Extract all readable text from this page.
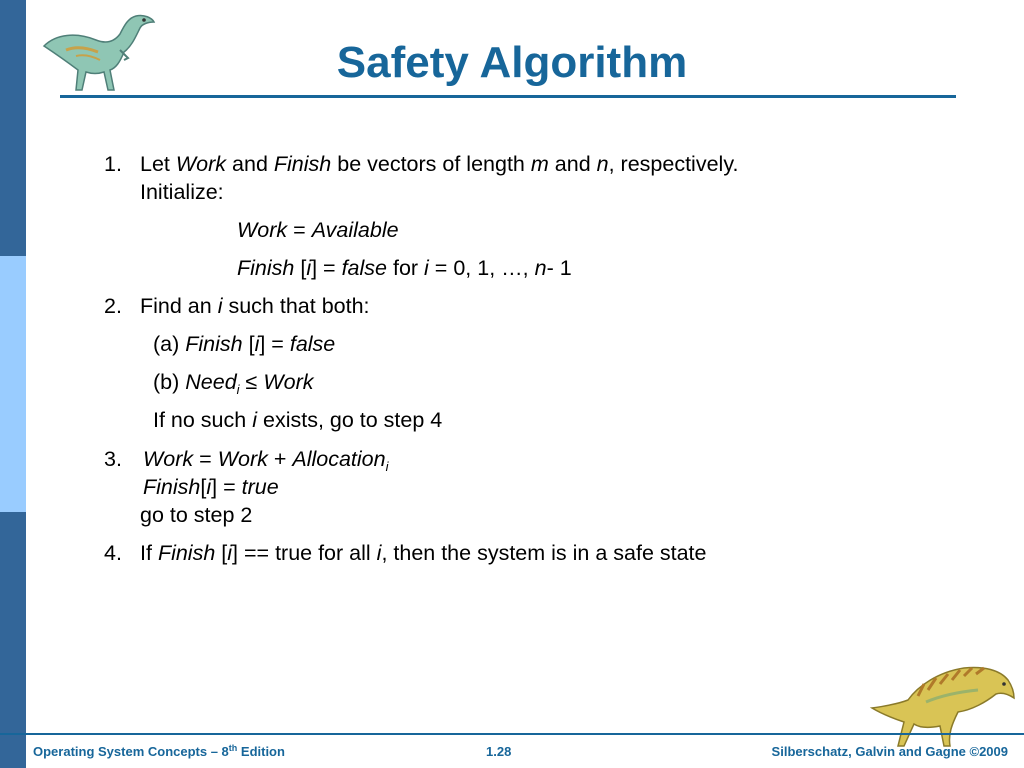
Safety Algorithm
1. Let Work and Finish be vectors of length m and n, respectively.
Initialize:
Work = Available
Finish [i] = false for i = 0, 1, …, n- 1
2. Find an i such that both:
(a) Finish [i] = false
(b) Need$_i$ ≤ Work
If no such i exists, go to step 4
3. Work = Work + Allocation$_i$
Finish[i] = true
go to step 2
4. If Finish [i] == true for all i, then the system is in a safe state
Operating System Concepts – 8th Edition	1.28	Silberschatz, Galvin and Gagne ©2009
